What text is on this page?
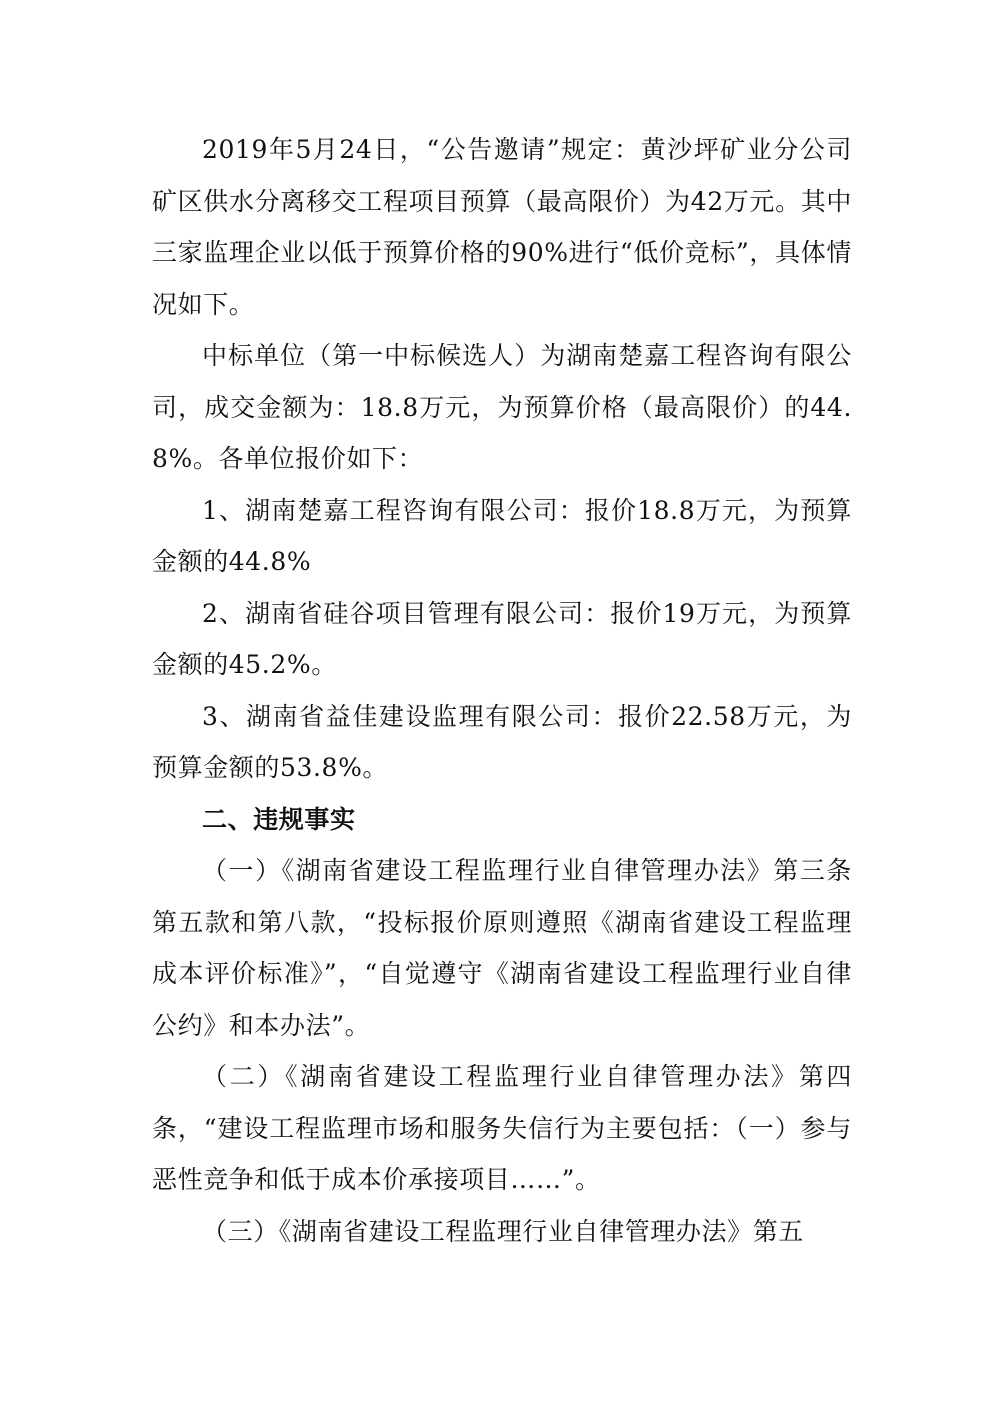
2019年5月24日，“公告邀请”规定：黄沙坪矿业分公司矿区供水分离移交工程项目预算（最高限价）为42万元。其中三家监理企业以低于预算价格的90%进行“低价竞标”，具体情况如下。

中标单位（第一中标候选人）为湖南楚嘉工程咨询有限公司，成交金额为：18.8万元，为预算价格（最高限价）的44.8%。各单位报价如下：

1、湖南楚嘉工程咨询有限公司：报价18.8万元，为预算金额的44.8%

2、湖南省硅谷项目管理有限公司：报价19万元，为预算金额的45.2%。

3、湖南省益佳建设监理有限公司：报价22.58万元，为预算金额的53.8%。

二、违规事实

（一）《湖南省建设工程监理行业自律管理办法》第三条第五款和第八款，“投标报价原则遵照《湖南省建设工程监理成本评价标准》”，“自觉遵守《湖南省建设工程监理行业自律公约》和本办法”。

（二）《湖南省建设工程监理行业自律管理办法》第四条，“建设工程监理市场和服务失信行为主要包括：（一）参与恶性竞争和低于成本价承接项目……”。

（三）《湖南省建设工程监理行业自律管理办法》第五
